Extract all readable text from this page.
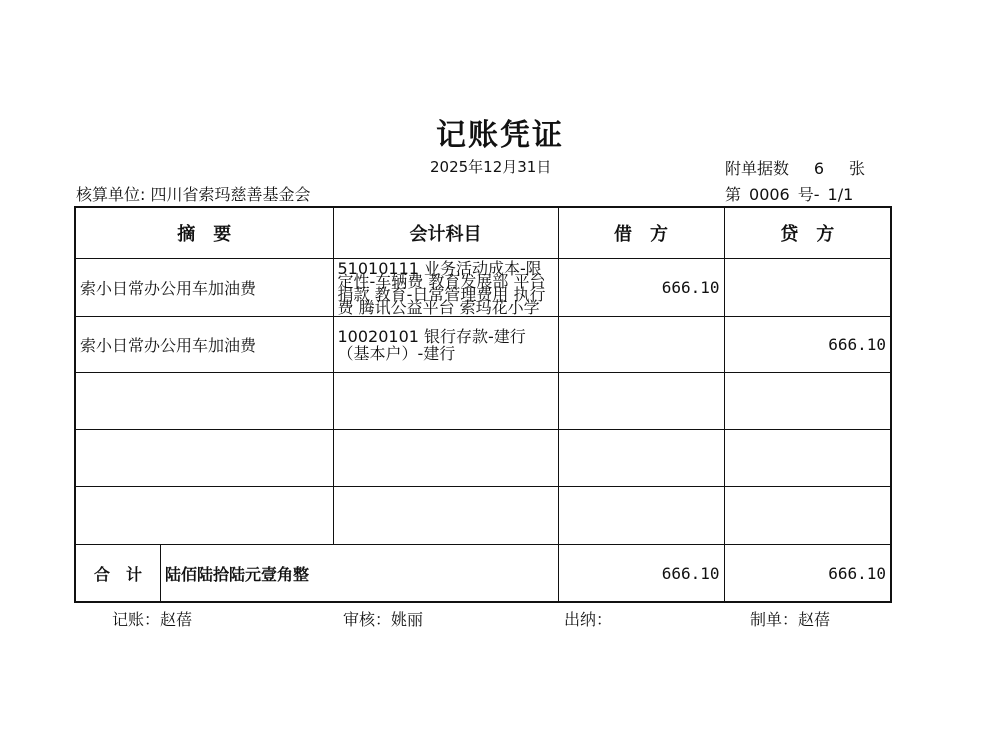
记账凭证
2025年12月31日	附单据数 6 张
核算单位: 四川省索玛慈善基金会	第 0006 号- 1/1
摘　要	会计科目	借　方	贷　方
索小日常办公用车加油费	51010111 业务活动成本-限定性-车辆费 教育发展部 平台捐款 教育-日常管理费用 执行费 腾讯公益平台 索玛花小学	666.10	
索小日常办公用车加油费	10020101 银行存款-建行（基本户）-建行		666.10

合　计 陆佰陆拾陆元壹角整		666.10	666.10
记账：赵蓓	审核：姚丽	出纳：	制单：赵蓓
